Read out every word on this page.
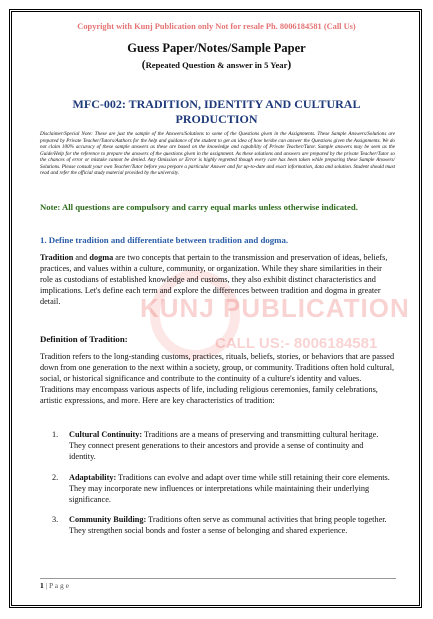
KUNJ PUBLICATION
CALL US:- 8006184581
Copyright with Kunj Publication only Not for resale Ph. 8006184581 (Call Us)
Guess Paper/Notes/Sample Paper
(Repeated Question & answer in 5 Year)
MFC-002: TRADITION, IDENTITY AND CULTURAL
PRODUCTION
Disclaimer/Special Note: These are just the sample of the Answers/Solutions to some of the Questions given in the Assignments. These Sample Answers/Solutions are prepared by Private Teacher/Tutors/Authors for the help and guidance of the student to get an idea of how he/she can answer the Questions given the Assignments. We do not claim 100% accuracy of these sample answers as these are based on the knowledge and capability of Private Teacher/Tutor. Sample answers may be seen as the Guide/Help for the reference to prepare the answers of the questions given in the assignment. As these solutions and answers are prepared by the private Teacher/Tutor so the chances of error or mistake cannot be denied. Any Omission or Error is highly regretted though every care has been taken while preparing these Sample Answers/ Solutions. Please consult your own Teacher/Tutor before you prepare a particular Answer and for up-to-date and exact information, data and solution. Student should must read and refer the official study material provided by the university.
Note: All questions are compulsory and carry equal marks unless otherwise indicated.
1. Define tradition and differentiate between tradition and dogma.
Tradition and dogma are two concepts that pertain to the transmission and preservation of ideas, beliefs, practices, and values within a culture, community, or organization. While they share similarities in their role as custodians of established knowledge and customs, they also exhibit distinct characteristics and implications. Let's define each term and explore the differences between tradition and dogma in greater detail.
Definition of Tradition:
Tradition refers to the long-standing customs, practices, rituals, beliefs, stories, or behaviors that are passed down from one generation to the next within a society, group, or community. Traditions often hold cultural, social, or historical significance and contribute to the continuity of a culture's identity and values. Traditions may encompass various aspects of life, including religious ceremonies, family celebrations, artistic expressions, and more. Here are key characteristics of tradition:
1. Cultural Continuity: Traditions are a means of preserving and transmitting cultural heritage. They connect present generations to their ancestors and provide a sense of continuity and identity.
2. Adaptability: Traditions can evolve and adapt over time while still retaining their core elements. They may incorporate new influences or interpretations while maintaining their underlying significance.
3. Community Building: Traditions often serve as communal activities that bring people together. They strengthen social bonds and foster a sense of belonging and shared experience.
1 | P a g e
